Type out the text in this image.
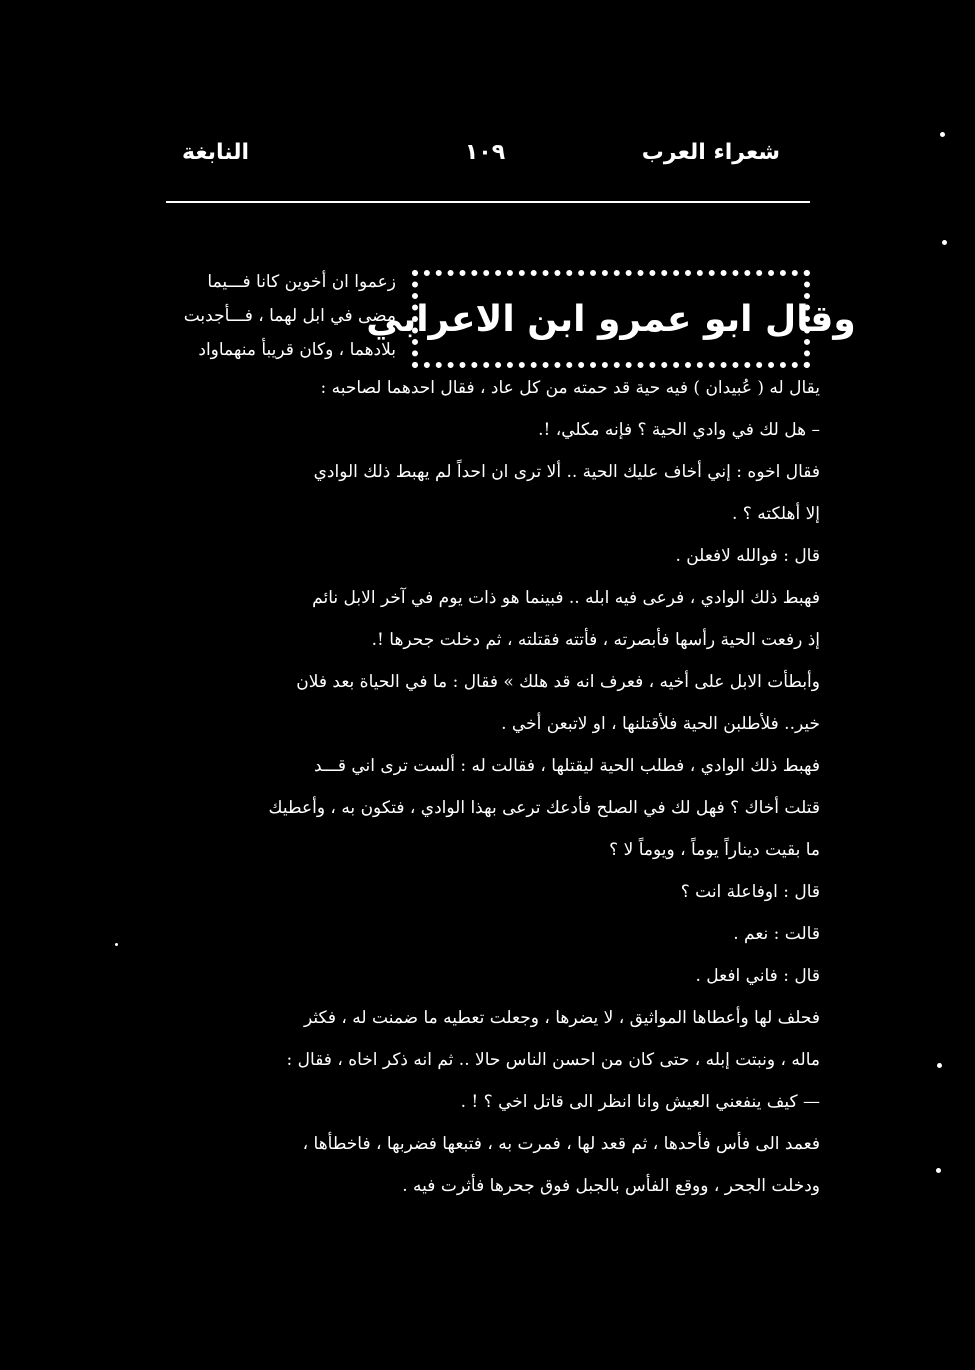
شعراء العرب
١٠٩
النابغة
وقال ابو عمرو ابن الاعرابي
زعموا ان أخوين كانا فـــيما
مضى في ابل لهما ، فـــأجدبت
بلادهما ، وكان قريبأ منهماواد
يقال له ( عُبيدان ) فيه حية قد حمته من كل عاد ، فقال احدهما لصاحبه :
– هل لك في وادي الحية ؟ فإنه مكلي، !.
فقال اخوه : إني أخاف عليك الحية .. ألا ترى ان احداً لم يهبط ذلك الوادي
إلا أهلكته ؟ .
قال : فوالله لافعلن .
فهبط ذلك الوادي ، فرعى فيه ابله .. فبينما هو ذات يوم في آخر الابل نائم
إذ رفعت الحية رأسها فأبصرته ، فأتته فقتلته ، ثم دخلت جحرها !.
وأبطأت الابل على أخيه ، فعرف انه قد هلك » فقال : ما في الحياة بعد فلان
خير.. فلأطلبن الحية فلأقتلنها ، او لاتبعن أخي .
فهبط ذلك الوادي ، فطلب الحية ليقتلها ، فقالت له : ألست ترى اني قـــد
قتلت أخاك ؟ فهل لك في الصلح فأدعك ترعى بهذا الوادي ، فتكون به ، وأعطيك
ما بقيت ديناراً يوماً ، ويوماً لا ؟
قال : اوفاعلة انت ؟
قالت : نعم .
قال : فاني افعل .
فحلف لها وأعطاها المواثيق ، لا يضرها ، وجعلت تعطيه ما ضمنت له ، فكثر
ماله ، ونبتت إبله ، حتى كان من احسن الناس حالا .. ثم انه ذكر اخاه ، فقال :
— كيف ينفعني العيش وانا انظر الى قاتل اخي ؟ ! .
فعمد الى فأس فأحدها ، ثم قعد لها ، فمرت به ، فتبعها فضربها ، فاخطأها ،
ودخلت الجحر ، ووقع الفأس بالجبل فوق جحرها فأثرت فيه .
